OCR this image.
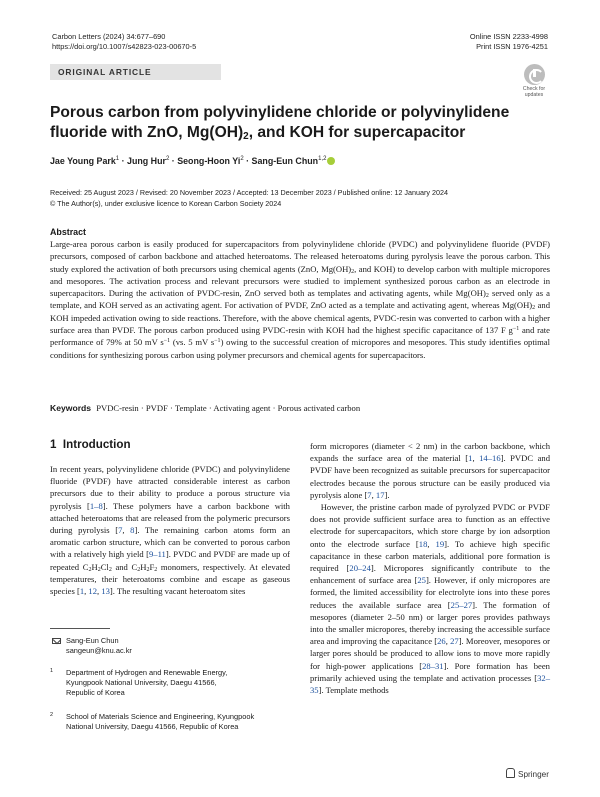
Carbon Letters (2024) 34:677–690
https://doi.org/10.1007/s42823-023-00670-5
Online ISSN 2233-4998
Print ISSN 1976-4251
ORIGINAL ARTICLE
Check for
updates
Porous carbon from polyvinylidene chloride or polyvinylidene fluoride with ZnO, $Mg(OH)_2$, and KOH for supercapacitor
Jae Young Park$^1$ · Jung Hur$^2$ · Seong-Hoon $Yi^2$ · Sang-Eun Chun$^{1,2}$
Received: 25 August 2023 / Revised: 20 November 2023 / Accepted: 13 December 2023 / Published online: 12 January 2024
© The Author(s), under exclusive licence to Korean Carbon Society 2024
Abstract
Large-area porous carbon is easily produced for supercapacitors from polyvinylidene chloride (PVDC) and polyvinylidene fluoride (PVDF) precursors, composed of carbon backbone and attached heteroatoms. The released heteroatoms during pyrolysis leave the porous carbon. This study explored the activation of both precursors using chemical agents (ZnO, $Mg(OH)_2$, and KOH) to develop carbon with multiple micropores and mesopores. The activation process and relevant precursors were studied to implement synthesized porous carbon as an electrode in supercapacitors. During the activation of PVDC-resin, ZnO served both as templates and activating agents, while $Mg(OH)_2$ served only as a template, and KOH served as an activating agent. For activation of PVDF, ZnO acted as a template and activating agent, whereas $Mg(OH)_2$ and KOH impeded activation owing to side reactions. Therefore, with the above chemical agents, PVDC-resin was converted to carbon with a higher surface area than PVDF. The porous carbon produced using PVDC-resin with KOH had the highest specific capacitance of 137 F $g^{-1}$ and rate performance of 79% at 50 mV $s^{-1}$ (vs. 5 mV $s^{-1}$) owing to the successful creation of micropores and mesopores. This study identifies optimal conditions for synthesizing porous carbon using polymer precursors and chemical agents for supercapacitors.
Keywords PVDC-resin · PVDF · Template · Activating agent · Porous activated carbon
1 Introduction
In recent years, polyvinylidene chloride (PVDC) and polyvinylidene fluoride (PVDF) have attracted considerable interest as carbon precursors due to their ability to produce a porous structure via pyrolysis [1–8]. These polymers have a carbon backbone with attached heteroatoms that are released from the polymeric precursors during pyrolysis [7, 8]. The remaining carbon atoms form an aromatic carbon structure, which can be converted to porous carbon with a relatively high yield [9–11]. PVDC and PVDF are made up of repeated $C_2H_2Cl_2$ and $C_2H_2F_2$ monomers, respectively. At elevated temperatures, their heteroatoms combine and escape as gaseous species [1, 12, 13]. The resulting vacant heteroatom sites
form micropores (diameter < 2 nm) in the carbon backbone, which expands the surface area of the material [1, 14–16]. PVDC and PVDF have been recognized as suitable precursors for supercapacitor electrodes because the porous structure can be easily produced via pyrolysis alone [7, 17].
However, the pristine carbon made of pyrolyzed PVDC or PVDF does not provide sufficient surface area to function as an effective electrode for supercapacitors, which store charge by ion adsorption onto the electrode surface [18, 19]. To achieve high specific capacitance in these carbon materials, additional pore formation is required [20–24]. Micropores significantly contribute to the enhancement of surface area [25]. However, if only micropores are formed, the limited accessibility for electrolyte ions into these pores reduces the available surface area [25–27]. The formation of mesopores (diameter 2–50 nm) or larger pores provides pathways into the smaller micropores, thereby increasing the accessible surface area and improving the capacitance [26, 27]. Moreover, mesopores or larger pores should be produced to allow ions to move more rapidly for high-power applications [28–31]. Pore formation has been primarily achieved using the template and activation processes [32–35]. Template methods
Sang-Eun Chun
sangeun@knu.ac.kr
1 Department of Hydrogen and Renewable Energy,
Kyungpook National University, Daegu 41566,
Republic of Korea
2 School of Materials Science and Engineering, Kyungpook
National University, Daegu 41566, Republic of Korea
Springer
